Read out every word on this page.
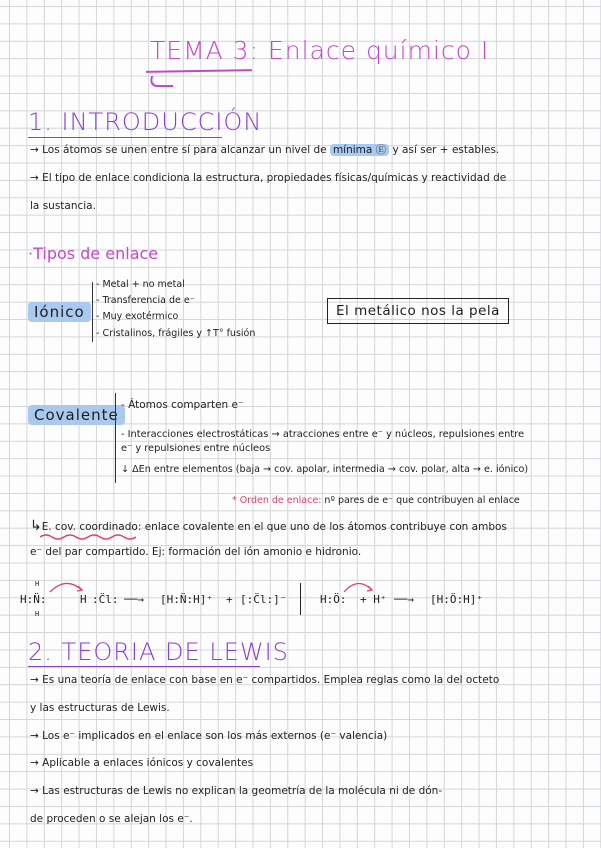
TEMA 3: Enlace químico I
1. INTRODUCCIÓN
→ Los átomos se unen entre sí para alcanzar un nivel de mínima Ⓔ y así ser + estables.
→ El tipo de enlace condiciona la estructura, propiedades físicas/químicas y reactividad de
la sustancia.
·Tipos de enlace
Iónico
- Metal + no metal
- Transferencia de e⁻
- Muy exotérmico
- Cristalinos, frágiles y ↑T° fusión
El metálico nos la pela
Covalente
- Átomos comparten e⁻
- Interacciones electrostáticas → atracciones entre e⁻ y núcleos, repulsiones entre
e⁻ y repulsiones entre núcleos
↓ ΔEn entre elementos (baja → cov. apolar, intermedia → cov. polar, alta → e. iónico)
* Orden de enlace: nº pares de e⁻ que contribuyen al enlace
↳E. cov. coordinado: enlace covalente en el que uno de los átomos contribuye con ambos
e⁻ del par compartido. Ej: formación del ión amonio e hidronio.
H:N̈:
H
H
H :C̈l: ──→ [H:N̈:H]⁺ + [:C̈l:]⁻	H:Ö: + H⁺ ──→ [H:Ö:H]⁺
2. TEORIA DE LEWIS
→ Es una teoría de enlace con base en e⁻ compartidos. Emplea reglas como la del octeto
y las estructuras de Lewis.
→ Los e⁻ implicados en el enlace son los más externos (e⁻ valencia)
→ Aplicable a enlaces iónicos y covalentes
→ Las estructuras de Lewis no explican la geometría de la molécula ni de dón-
de proceden o se alejan los e⁻.
